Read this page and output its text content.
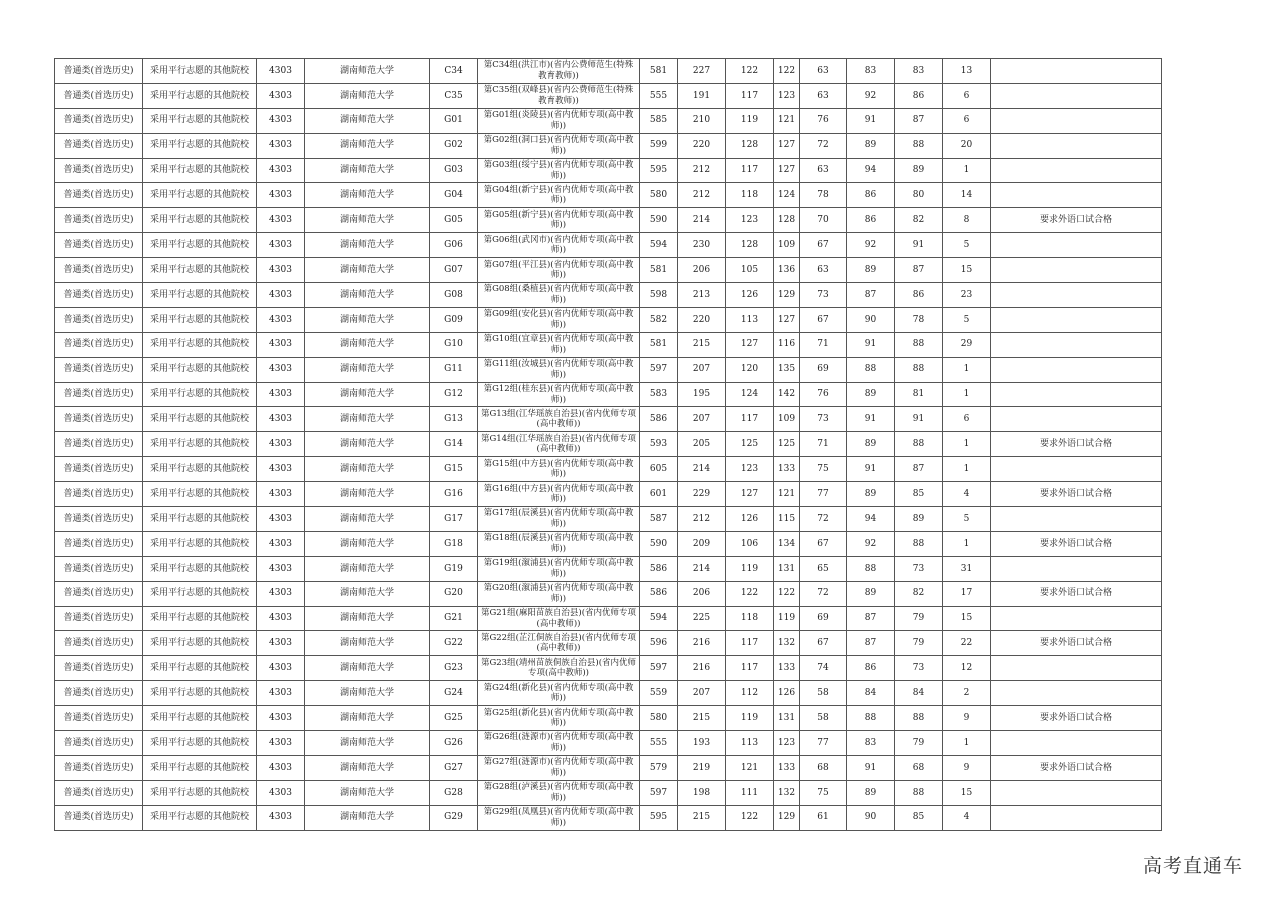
普通类(首选历史)	采用平行志愿的其他院校	4303	湖南师范大学	C34	第C34组(洪江市)(省内公费师范生(特殊教育教师))	581	227	122	122	63	83	83	13	
普通类(首选历史)	采用平行志愿的其他院校	4303	湖南师范大学	C35	第C35组(双峰县)(省内公费师范生(特殊教育教师))	555	191	117	123	63	92	86	6	
普通类(首选历史)	采用平行志愿的其他院校	4303	湖南师范大学	G01	第G01组(炎陵县)(省内优师专项(高中教师))	585	210	119	121	76	91	87	6	
普通类(首选历史)	采用平行志愿的其他院校	4303	湖南师范大学	G02	第G02组(洞口县)(省内优师专项(高中教师))	599	220	128	127	72	89	88	20	
普通类(首选历史)	采用平行志愿的其他院校	4303	湖南师范大学	G03	第G03组(绥宁县)(省内优师专项(高中教师))	595	212	117	127	63	94	89	1	
普通类(首选历史)	采用平行志愿的其他院校	4303	湖南师范大学	G04	第G04组(新宁县)(省内优师专项(高中教师))	580	212	118	124	78	86	80	14	
普通类(首选历史)	采用平行志愿的其他院校	4303	湖南师范大学	G05	第G05组(新宁县)(省内优师专项(高中教师))	590	214	123	128	70	86	82	8	要求外语口试合格
普通类(首选历史)	采用平行志愿的其他院校	4303	湖南师范大学	G06	第G06组(武冈市)(省内优师专项(高中教师))	594	230	128	109	67	92	91	5	
普通类(首选历史)	采用平行志愿的其他院校	4303	湖南师范大学	G07	第G07组(平江县)(省内优师专项(高中教师))	581	206	105	136	63	89	87	15	
普通类(首选历史)	采用平行志愿的其他院校	4303	湖南师范大学	G08	第G08组(桑植县)(省内优师专项(高中教师))	598	213	126	129	73	87	86	23	
普通类(首选历史)	采用平行志愿的其他院校	4303	湖南师范大学	G09	第G09组(安化县)(省内优师专项(高中教师))	582	220	113	127	67	90	78	5	
普通类(首选历史)	采用平行志愿的其他院校	4303	湖南师范大学	G10	第G10组(宜章县)(省内优师专项(高中教师))	581	215	127	116	71	91	88	29	
普通类(首选历史)	采用平行志愿的其他院校	4303	湖南师范大学	G11	第G11组(汝城县)(省内优师专项(高中教师))	597	207	120	135	69	88	88	1	
普通类(首选历史)	采用平行志愿的其他院校	4303	湖南师范大学	G12	第G12组(桂东县)(省内优师专项(高中教师))	583	195	124	142	76	89	81	1	
普通类(首选历史)	采用平行志愿的其他院校	4303	湖南师范大学	G13	第G13组(江华瑶族自治县)(省内优师专项(高中教师))	586	207	117	109	73	91	91	6	
普通类(首选历史)	采用平行志愿的其他院校	4303	湖南师范大学	G14	第G14组(江华瑶族自治县)(省内优师专项(高中教师))	593	205	125	125	71	89	88	1	要求外语口试合格
普通类(首选历史)	采用平行志愿的其他院校	4303	湖南师范大学	G15	第G15组(中方县)(省内优师专项(高中教师))	605	214	123	133	75	91	87	1	
普通类(首选历史)	采用平行志愿的其他院校	4303	湖南师范大学	G16	第G16组(中方县)(省内优师专项(高中教师))	601	229	127	121	77	89	85	4	要求外语口试合格
普通类(首选历史)	采用平行志愿的其他院校	4303	湖南师范大学	G17	第G17组(辰溪县)(省内优师专项(高中教师))	587	212	126	115	72	94	89	5	
普通类(首选历史)	采用平行志愿的其他院校	4303	湖南师范大学	G18	第G18组(辰溪县)(省内优师专项(高中教师))	590	209	106	134	67	92	88	1	要求外语口试合格
普通类(首选历史)	采用平行志愿的其他院校	4303	湖南师范大学	G19	第G19组(溆浦县)(省内优师专项(高中教师))	586	214	119	131	65	88	73	31	
普通类(首选历史)	采用平行志愿的其他院校	4303	湖南师范大学	G20	第G20组(溆浦县)(省内优师专项(高中教师))	586	206	122	122	72	89	82	17	要求外语口试合格
普通类(首选历史)	采用平行志愿的其他院校	4303	湖南师范大学	G21	第G21组(麻阳苗族自治县)(省内优师专项(高中教师))	594	225	118	119	69	87	79	15	
普通类(首选历史)	采用平行志愿的其他院校	4303	湖南师范大学	G22	第G22组(芷江侗族自治县)(省内优师专项(高中教师))	596	216	117	132	67	87	79	22	要求外语口试合格
普通类(首选历史)	采用平行志愿的其他院校	4303	湖南师范大学	G23	第G23组(靖州苗族侗族自治县)(省内优师专项(高中教师))	597	216	117	133	74	86	73	12	
普通类(首选历史)	采用平行志愿的其他院校	4303	湖南师范大学	G24	第G24组(新化县)(省内优师专项(高中教师))	559	207	112	126	58	84	84	2	
普通类(首选历史)	采用平行志愿的其他院校	4303	湖南师范大学	G25	第G25组(新化县)(省内优师专项(高中教师))	580	215	119	131	58	88	88	9	要求外语口试合格
普通类(首选历史)	采用平行志愿的其他院校	4303	湖南师范大学	G26	第G26组(涟源市)(省内优师专项(高中教师))	555	193	113	123	77	83	79	1	
普通类(首选历史)	采用平行志愿的其他院校	4303	湖南师范大学	G27	第G27组(涟源市)(省内优师专项(高中教师))	579	219	121	133	68	91	68	9	要求外语口试合格
普通类(首选历史)	采用平行志愿的其他院校	4303	湖南师范大学	G28	第G28组(泸溪县)(省内优师专项(高中教师))	597	198	111	132	75	89	88	15	
普通类(首选历史)	采用平行志愿的其他院校	4303	湖南师范大学	G29	第G29组(凤凰县)(省内优师专项(高中教师))	595	215	122	129	61	90	85	4	
高考直通车
